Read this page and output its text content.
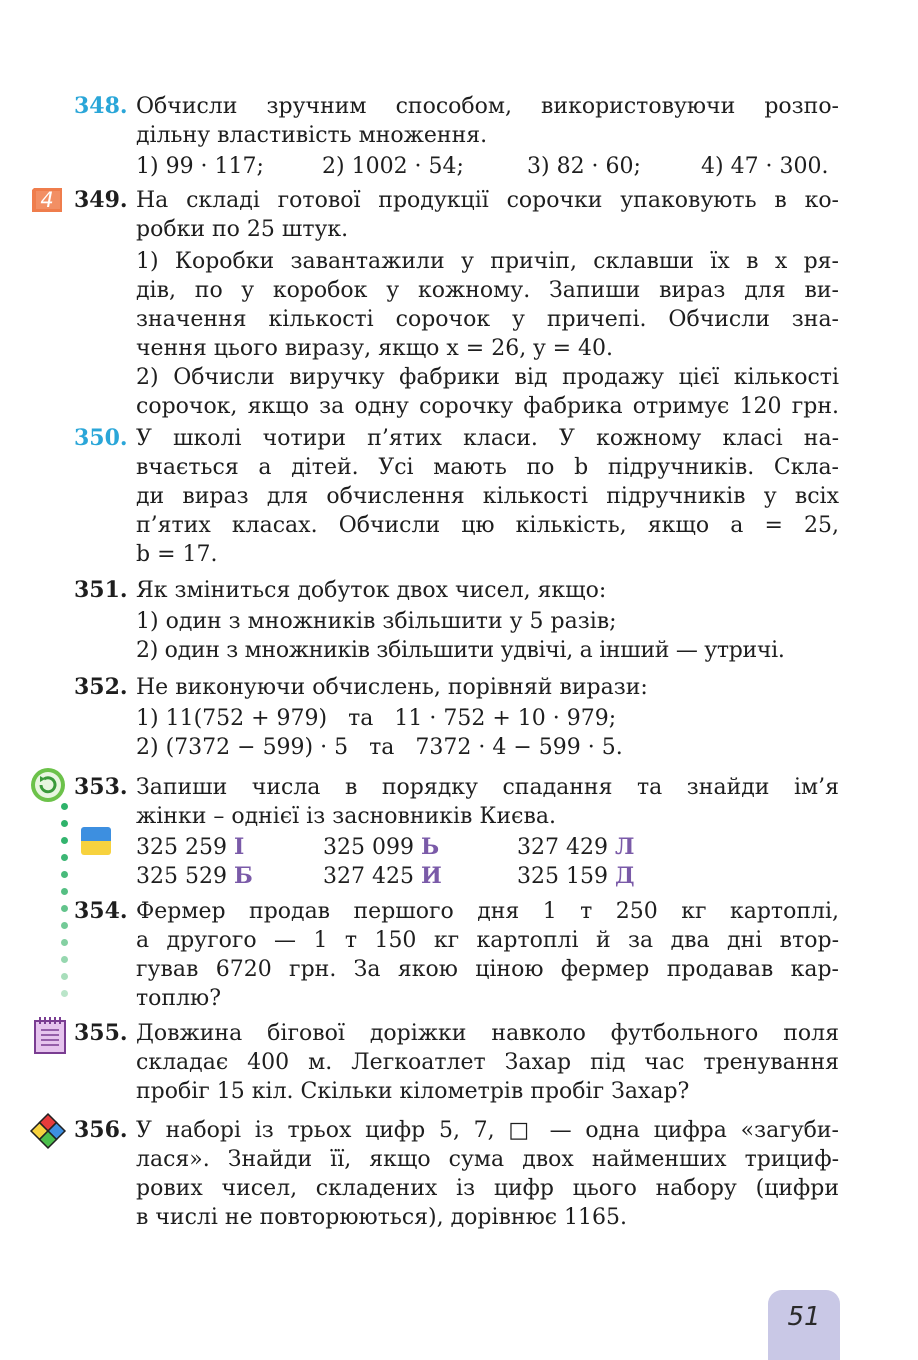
348. Обчисли зручним способом, використовуючи розпо-
дільну властивість множення.
1) 99 · 117;	2) 1002 · 54;	3) 82 · 60;	4) 47 · 300.
4 349. На складі готової продукції сорочки упаковують в ко-
робки по 25 штук.
1) Коробки завантажили у причіп, склавши їх в x ря-
дів, по y коробок у кожному. Запиши вираз для ви-
значення кількості сорочок у причепі. Обчисли зна-
чення цього виразу, якщо x = 26, y = 40.
2) Обчисли виручку фабрики від продажу цієї кількості
сорочок, якщо за одну сорочку фабрика отримує 120 грн.
350. У школі чотири п’ятих класи. У кожному класі на-
вчається a дітей. Усі мають по b підручників. Скла-
ди вираз для обчислення кількості підручників у всіх
п’ятих класах. Обчисли цю кількість, якщо a = 25,
b = 17.
351. Як зміниться добуток двох чисел, якщо:
1) один з множників збільшити у 5 разів;
2) один з множників збільшити удвічі, а інший — утричі.
352. Не виконуючи обчислень, порівняй вирази:
1) 11(752 + 979)   та   11 · 752 + 10 · 979;
2) (7372 − 599) · 5   та   7372 · 4 − 599 · 5.
353. Запиши числа в порядку спадання та знайди ім’я
жінки – однієї із засновників Києва.
325 259 І	325 099 Ь	327 429 Л
325 529 Б	327 425 И	325 159 Д
354. Фермер продав першого дня 1 т 250 кг картоплі,
а другого — 1 т 150 кг картоплі й за два дні втор-
гував 6720 грн. За якою ціною фермер продавав кар-
топлю?
355. Довжина бігової доріжки навколо футбольного поля
складає 400 м. Легкоатлет Захар під час тренування
пробіг 15 кіл. Скільки кілометрів пробіг Захар?
356. У наборі із трьох цифр 5, 7, □ — одна цифра «загуби-
лася». Знайди її, якщо сума двох найменших трициф-
рових чисел, складених із цифр цього набору (цифри
в числі не повторюються), дорівнює 1165.
51
